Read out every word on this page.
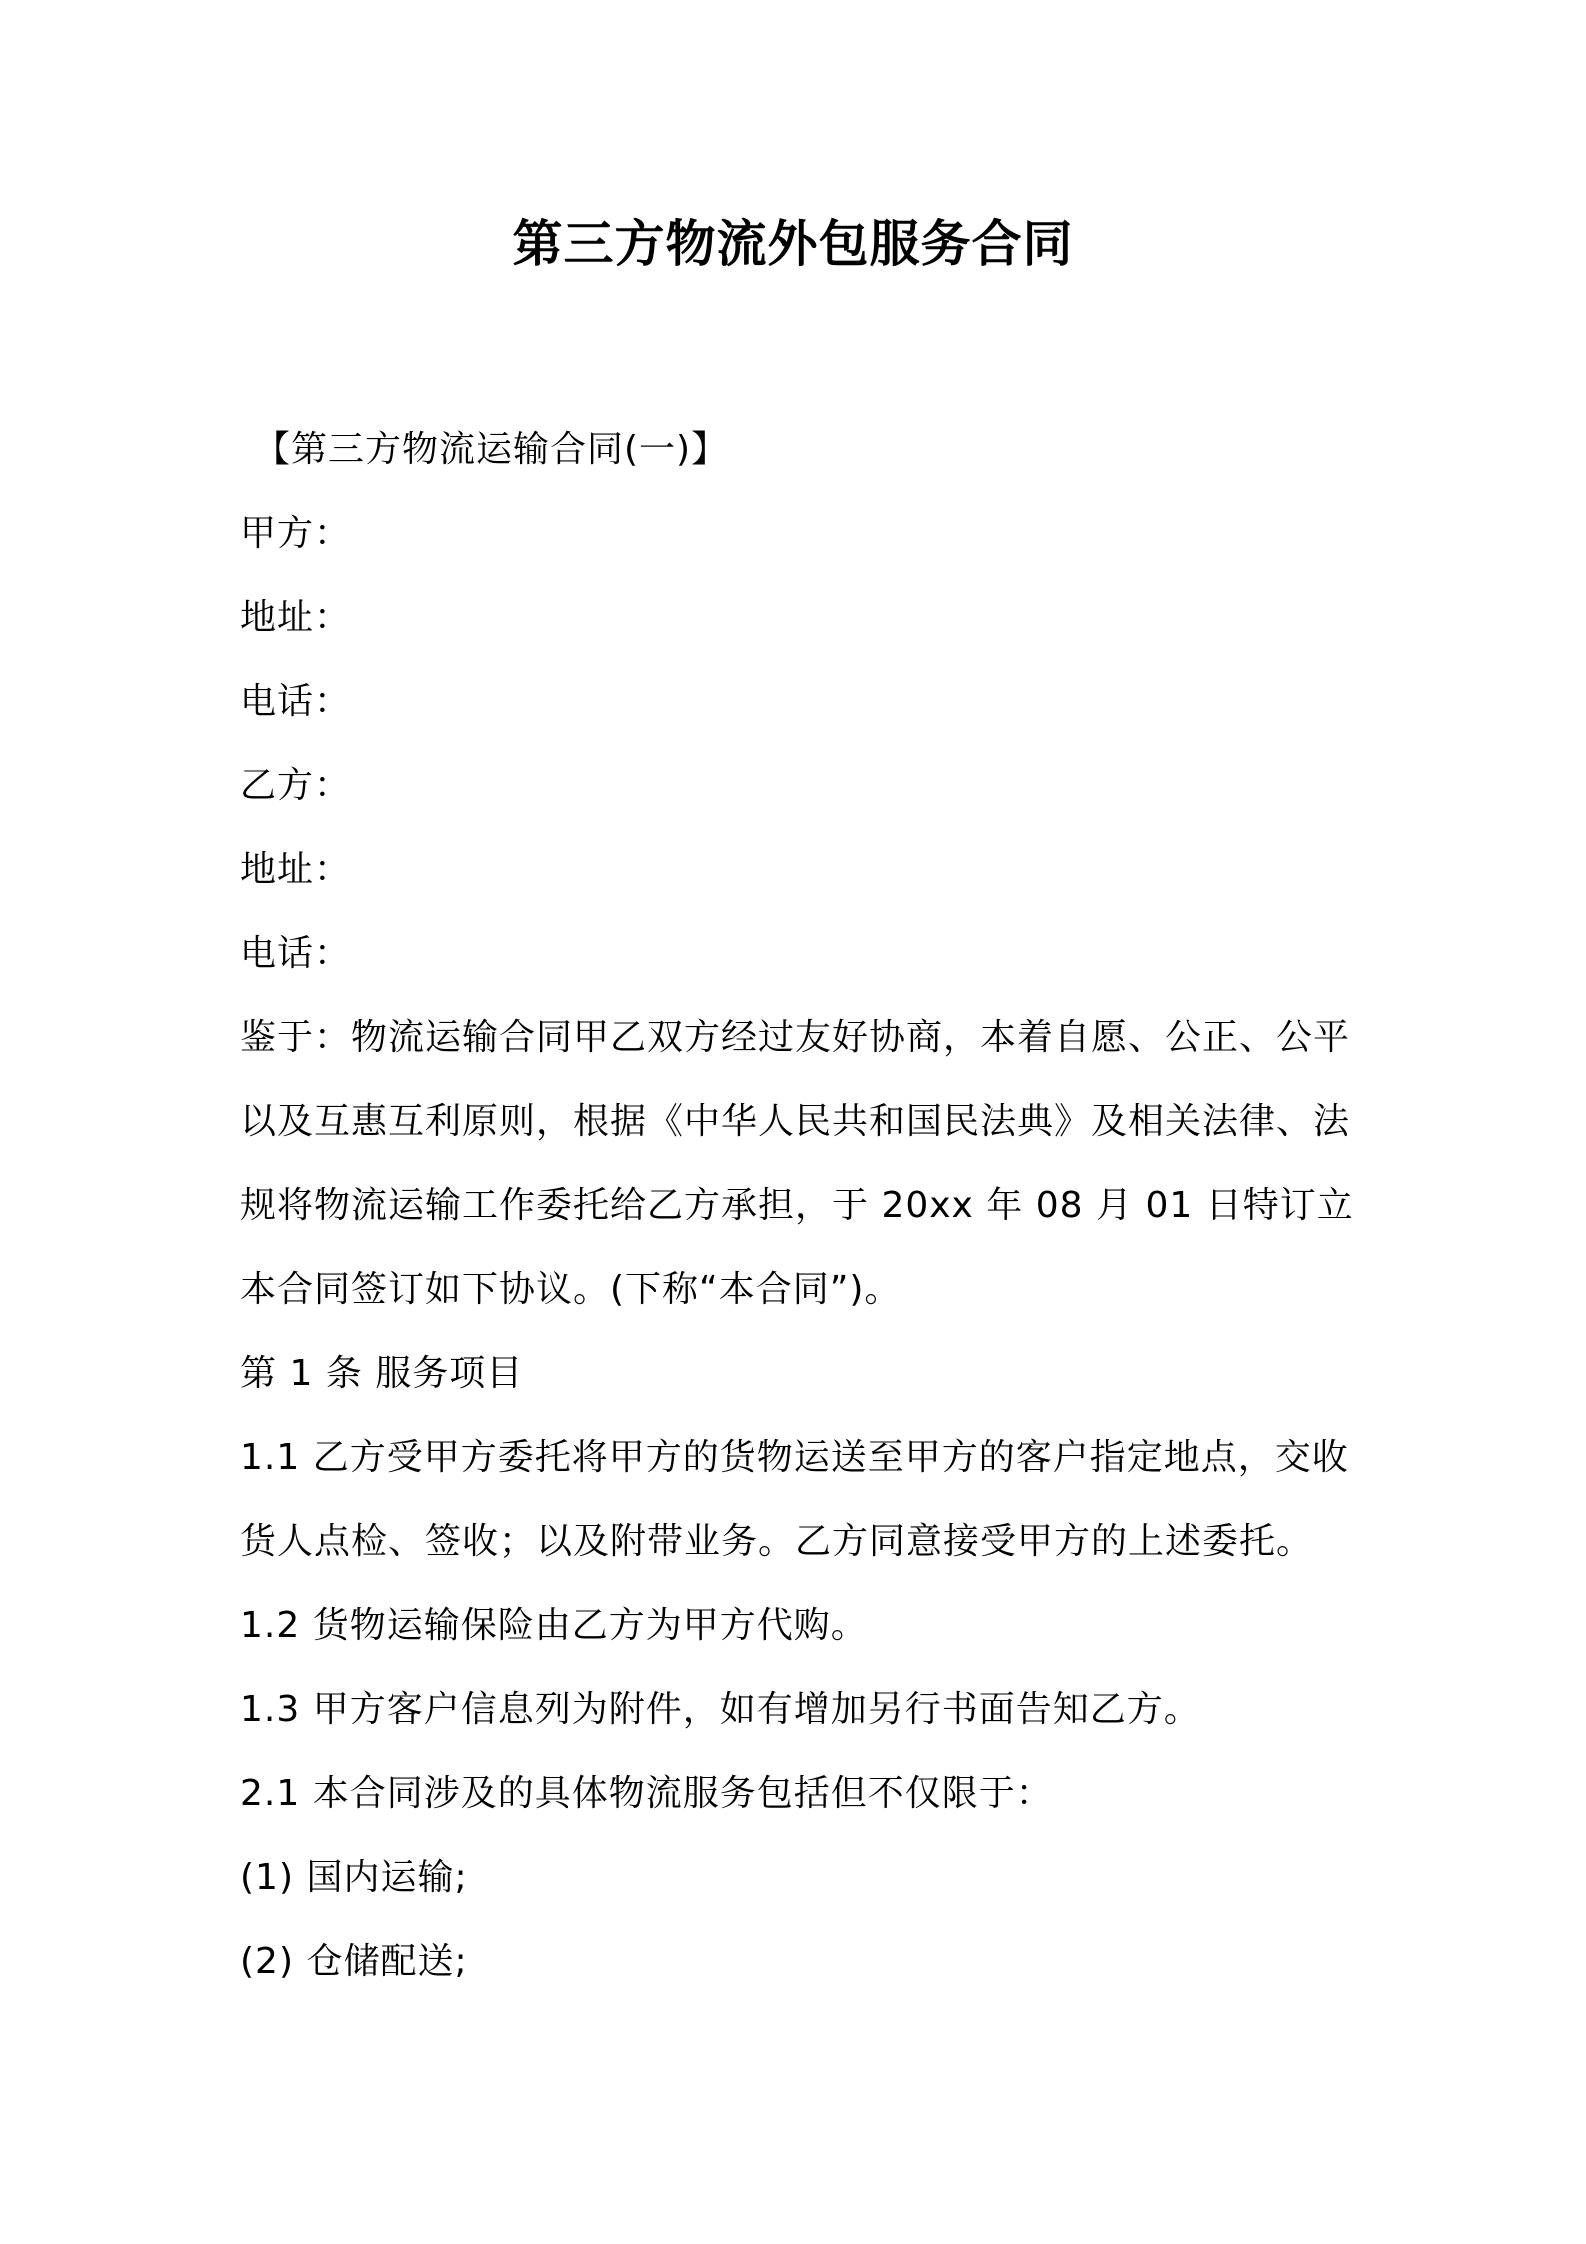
第三方物流外包服务合同

【第三方物流运输合同(一)】

甲方：

地址：

电话：

乙方：

地址：

电话：

鉴于：物流运输合同甲乙双方经过友好协商，本着自愿、公正、公平

以及互惠互利原则，根据《中华人民共和国民法典》及相关法律、法

规将物流运输工作委托给乙方承担，于 20xx 年 08 月 01 日特订立

本合同签订如下协议。(下称“本合同”)。

第 1 条 服务项目

1.1 乙方受甲方委托将甲方的货物运送至甲方的客户指定地点，交收

货人点检、签收；以及附带业务。乙方同意接受甲方的上述委托。

1.2 货物运输保险由乙方为甲方代购。

1.3 甲方客户信息列为附件，如有增加另行书面告知乙方。

2.1 本合同涉及的具体物流服务包括但不仅限于：

(1) 国内运输;

(2) 仓储配送;
